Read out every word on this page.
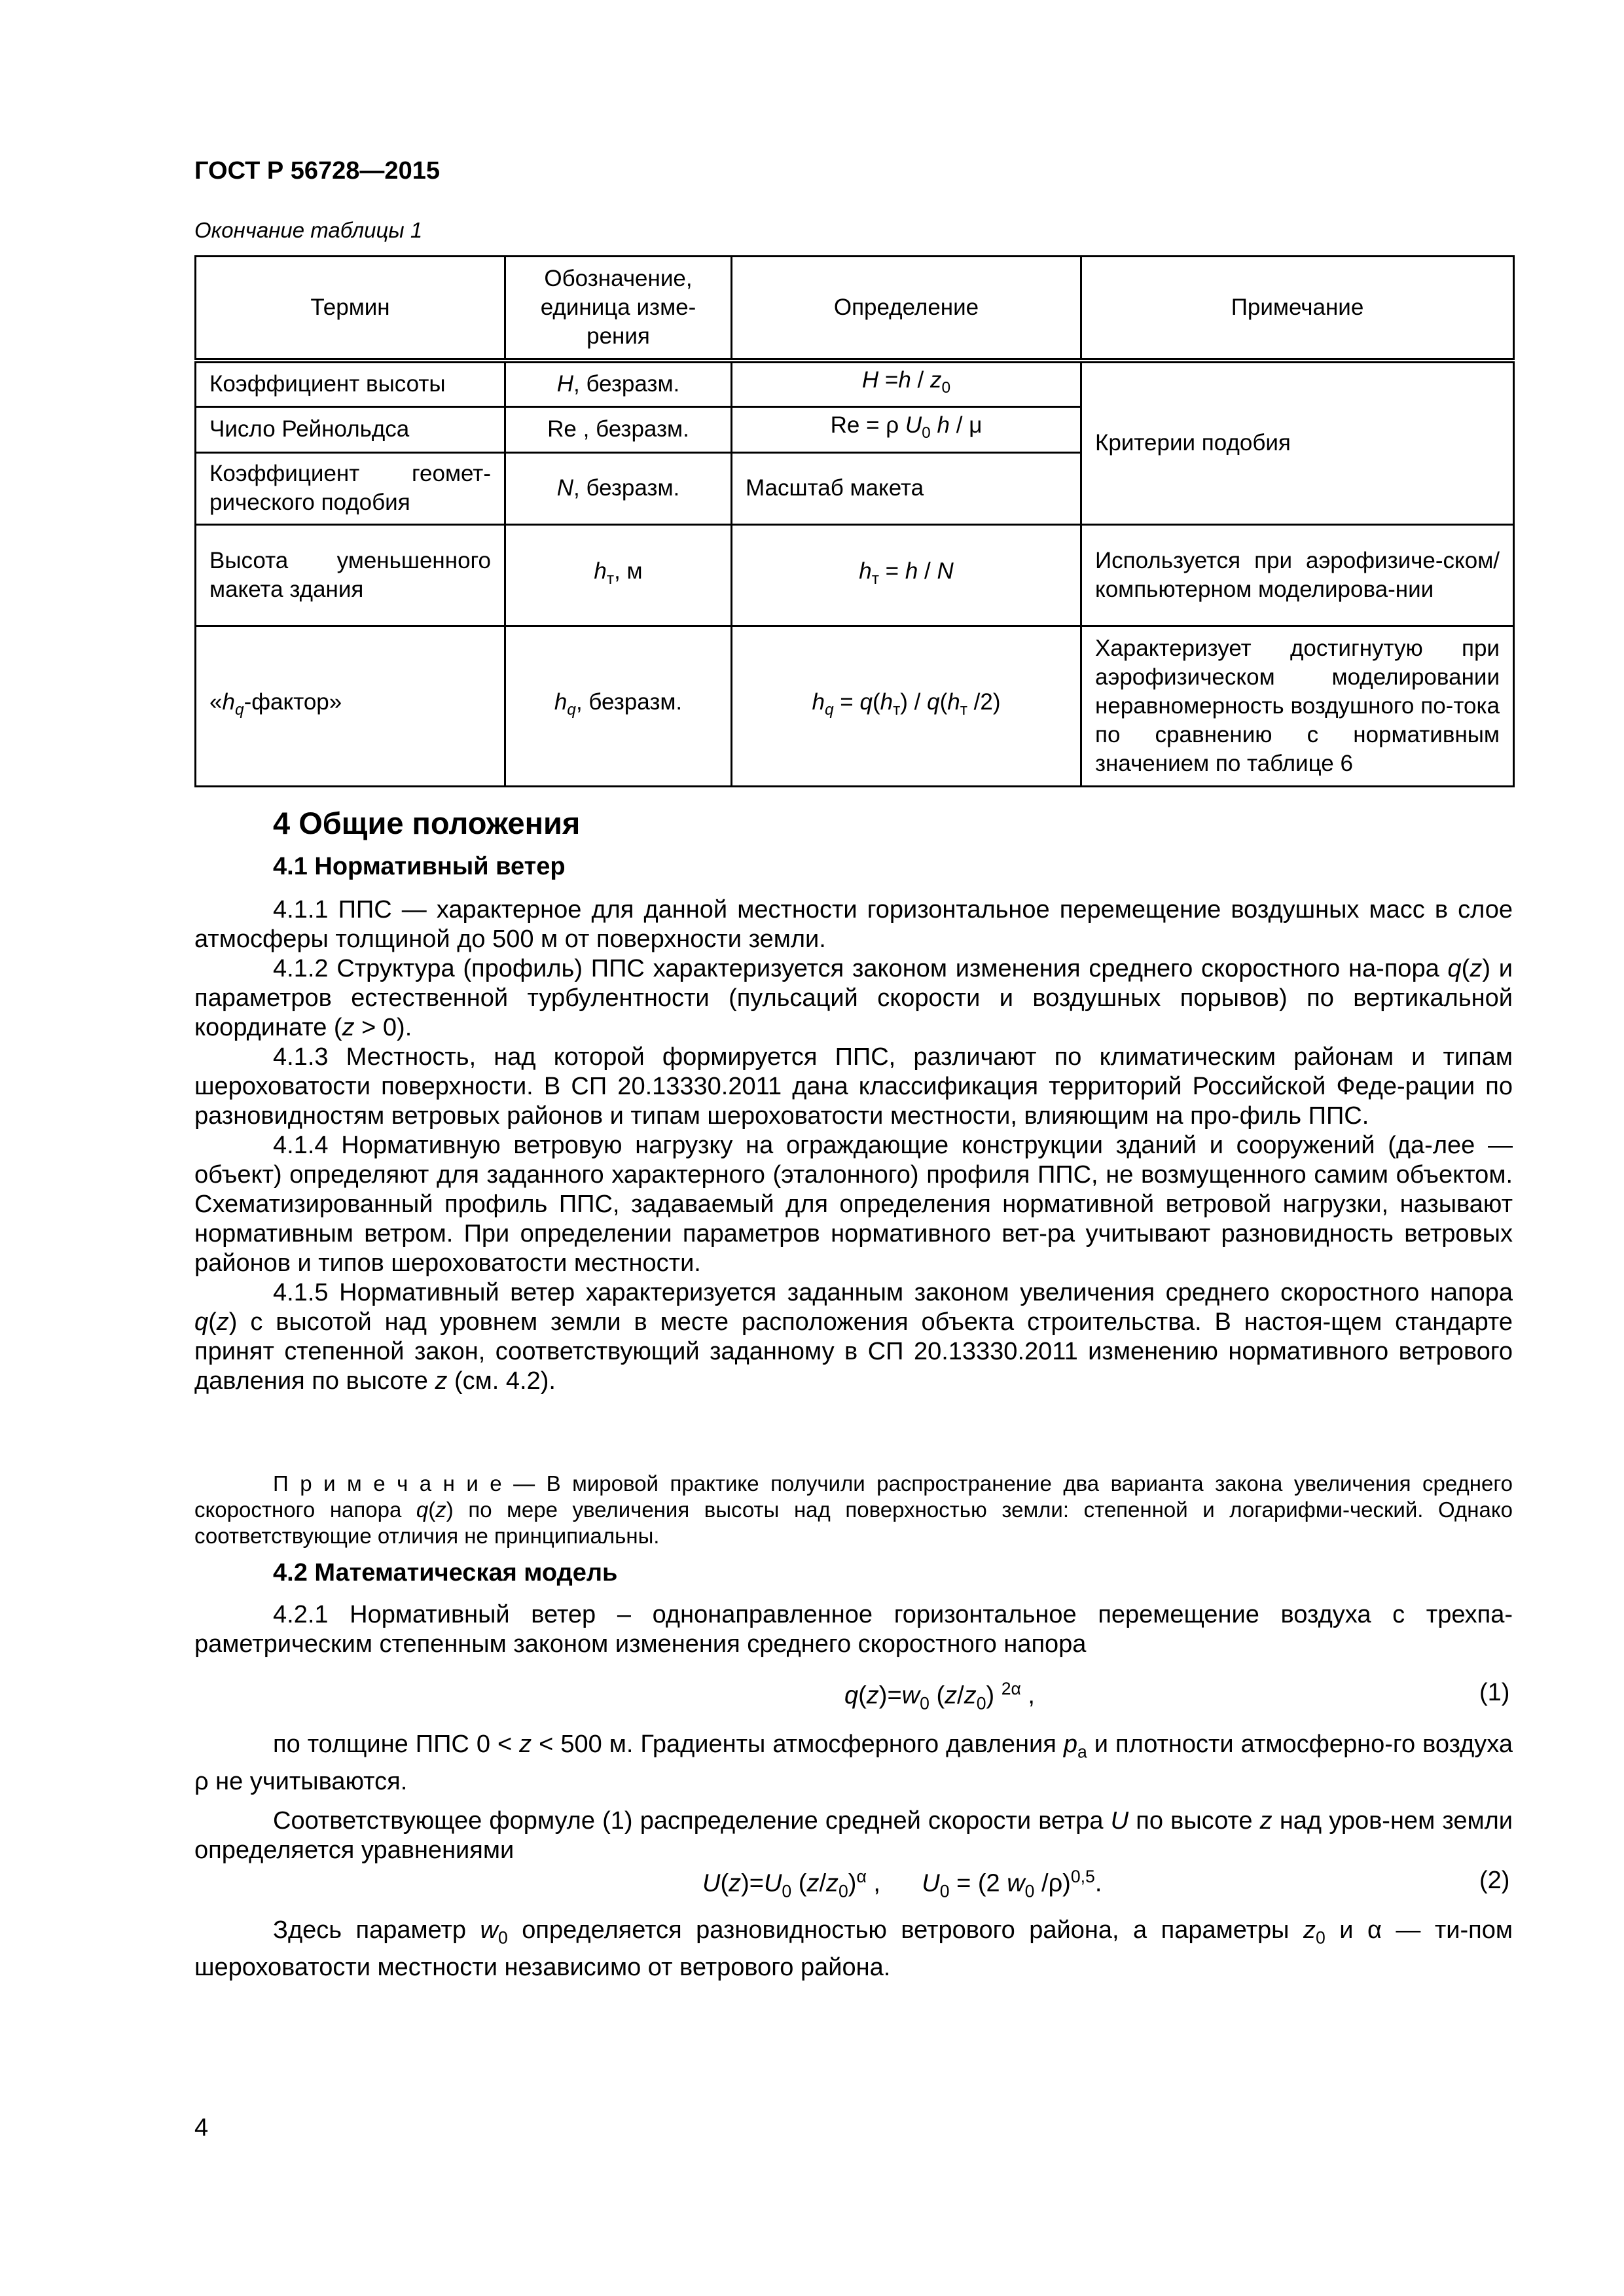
ГОСТ Р 56728—2015
Окончание таблицы 1
Термин	Обозначение, единица изме-рения	Определение	Примечание
Коэффициент высоты	H, безразм.	$H =h / z_0$	Критерии подобия
Число Рейнольдса	Re , безразм.	Re = ρ $U_0$ h / μ	
Коэффициент геомет-рического подобия	N, безразм.	Масштаб макета	
Высота уменьшенного макета здания	$h_т$, м	$h_т = h / N$	Используется при аэрофизиче-ском/компьютерном моделирова-нии
«$h_q$-фактор»	$h_q$, безразм.	$h_q = q(h_т) / q(h_т$ /2)	Характеризует достигнутую при аэрофизическом моделировании неравномерность воздушного по-тока по сравнению с нормативным значением по таблице 6
4 Общие положения
4.1 Нормативный ветер

4.1.1 ППС — характерное для данной местности горизонтальное перемещение воздушных масс в слое атмосферы толщиной до 500 м от поверхности земли.

4.1.2 Структура (профиль) ППС характеризуется законом изменения среднего скоростного на-пора q(z) и параметров естественной турбулентности (пульсаций скорости и воздушных порывов) по вертикальной координате (z > 0).

4.1.3 Местность, над которой формируется ППС, различают по климатическим районам и типам шероховатости поверхности. В СП 20.13330.2011 дана классификация территорий Российской Феде-рации по разновидностям ветровых районов и типам шероховатости местности, влияющим на про-филь ППС.

4.1.4 Нормативную ветровую нагрузку на ограждающие конструкции зданий и сооружений (да-лее — объект) определяют для заданного характерного (эталонного) профиля ППС, не возмущенного самим объектом. Схематизированный профиль ППС, задаваемый для определения нормативной ветровой нагрузки, называют нормативным ветром. При определении параметров нормативного вет-ра учитывают разновидность ветровых районов и типов шероховатости местности.

4.1.5 Нормативный ветер характеризуется заданным законом увеличения среднего скоростного напора q(z) с высотой над уровнем земли в месте расположения объекта строительства. В настоя-щем стандарте принят степенной закон, соответствующий заданному в СП 20.13330.2011 изменению нормативного ветрового давления по высоте z (см. 4.2).

П р и м е ч а н и е — В мировой практике получили распространение два варианта закона увеличения среднего скоростного напора q(z) по мере увеличения высоты над поверхностью земли: степенной и логарифми-ческий. Однако соответствующие отличия не принципиальны.

4.2 Математическая модель

4.2.1 Нормативный ветер – однонаправленное горизонтальное перемещение воздуха с трехпа-раметрическим степенным законом изменения среднего скоростного напора

$q(z)=w_0$ $(z/z_0)$ $^{2\alpha}$ ,	(1)

по толщине ППС 0 < z < 500 м. Градиенты атмосферного давления $p_a$ и плотности атмосферно-го воздуха ρ не учитываются.

Соответствующее формуле (1) распределение средней скорости ветра U по высоте z над уров-нем земли определяется уравнениями

$U(z)=U_0$ $(z/z_0)^\alpha$ ,      $U_0 = (2$ $w_0$ /ρ)$^{0,5}$.	(2)

Здесь параметр $w_0$ определяется разновидностью ветрового района, а параметры $z_0$ и α — ти-пом шероховатости местности независимо от ветрового района.

4
